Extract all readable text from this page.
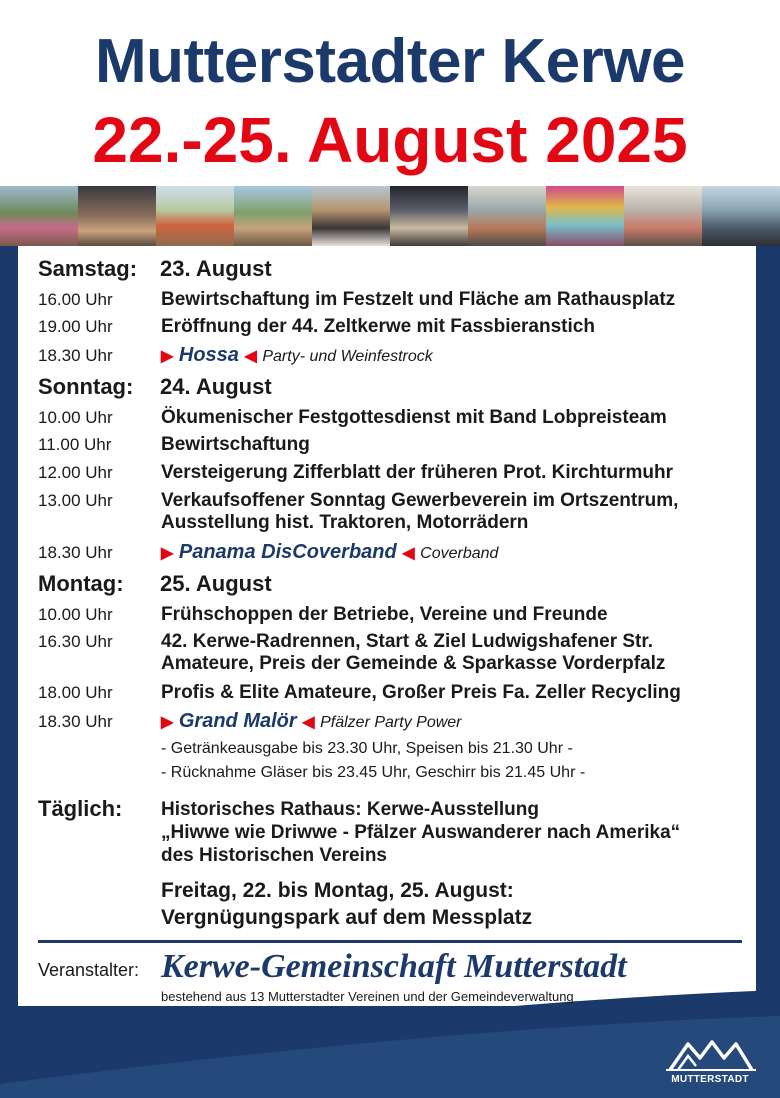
Mutterstadter Kerwe
22.-25. August 2025
Samstag: 23. August
16.00 Uhr	Bewirtschaftung im Festzelt und Fläche am Rathausplatz
19.00 Uhr	Eröffnung der 44. Zeltkerwe mit Fassbieranstich
18.30 Uhr	▶ Hossa ◀ Party- und Weinfestrock
Sonntag: 24. August
10.00 Uhr	Ökumenischer Festgottesdienst mit Band Lobpreisteam
11.00 Uhr	Bewirtschaftung
12.00 Uhr	Versteigerung Zifferblatt der früheren Prot. Kirchturmuhr
13.00 Uhr	Verkaufsoffener Sonntag Gewerbeverein im Ortszentrum,
Ausstellung hist. Traktoren, Motorrädern
18.30 Uhr	▶ Panama DisCoverband ◀ Coverband
Montag: 25. August
10.00 Uhr	Frühschoppen der Betriebe, Vereine und Freunde
16.30 Uhr	42. Kerwe-Radrennen, Start & Ziel Ludwigshafener Str.
Amateure, Preis der Gemeinde & Sparkasse Vorderpfalz
18.00 Uhr	Profis & Elite Amateure, Großer Preis Fa. Zeller Recycling
18.30 Uhr	▶ Grand Malör ◀ Pfälzer Party Power
- Getränkeausgabe bis 23.30 Uhr, Speisen bis 21.30 Uhr -
- Rücknahme Gläser bis 23.45 Uhr, Geschirr bis 21.45 Uhr -
Täglich: Historisches Rathaus: Kerwe-Ausstellung
„Hiwwe wie Driwwe - Pfälzer Auswanderer nach Amerika“
des Historischen Vereins
Freitag, 22. bis Montag, 25. August:
Vergnügungspark auf dem Messplatz
Veranstalter: Kerwe-Gemeinschaft Mutterstadt
bestehend aus 13 Mutterstadter Vereinen und der Gemeindeverwaltung
MUTTERSTADT
